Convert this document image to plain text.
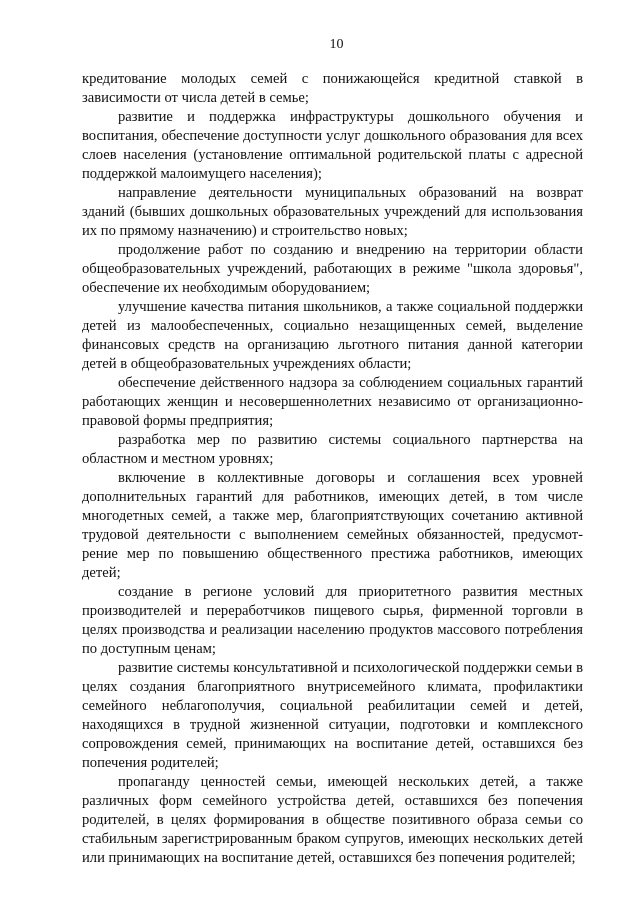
10

кредитование молодых семей с понижающейся кредитной ставкой в зависимости от числа детей в семье;

развитие и поддержка инфраструктуры дошкольного обучения и воспитания, обеспечение доступности услуг дошкольного образования для всех слоев населения (установление оптимальной родительской платы с адресной поддержкой малоимущего населения);

направление деятельности муниципальных образований на возврат зданий (бывших дошкольных образовательных учреждений для использования их по прямому назначению) и строительство новых;

продолжение работ по созданию и внедрению на территории области общеобразовательных учреждений, работающих в режиме "школа здоровья", обеспечение их необходимым оборудованием;

улучшение качества питания школьников, а также социальной поддержки детей из малообеспеченных, социально незащищенных семей, выделение финансовых средств на организацию льготного питания данной категории детей в общеобразовательных учреждениях области;

обеспечение действенного надзора за соблюдением социальных гарантий работающих женщин и несовершеннолетних независимо от организационно-правовой формы предприятия;

разработка мер по развитию системы социального партнерства на областном и местном уровнях;

включение в коллективные договоры и соглашения всех уровней дополнительных гарантий для работников, имеющих детей, в том числе многодетных семей, а также мер, благоприятствующих сочетанию активной трудовой деятельности с выполнением семейных обязанностей, предусмотрение мер по повышению общественного престижа работников, имеющих детей;

создание в регионе условий для приоритетного развития местных производителей и переработчиков пищевого сырья, фирменной торговли в целях производства и реализации населению продуктов массового потребления по доступным ценам;

развитие системы консультативной и психологической поддержки семьи в целях создания благоприятного внутрисемейного климата, профилактики семейного неблагополучия, социальной реабилитации семей и детей, находящихся в трудной жизненной ситуации, подготовки и комплексного сопровождения семей, принимающих на воспитание детей, оставшихся без попечения родителей;

пропаганду ценностей семьи, имеющей нескольких детей, а также различных форм семейного устройства детей, оставшихся без попечения родителей, в целях формирования в обществе позитивного образа семьи со стабильным зарегистрированным браком супругов, имеющих нескольких детей или принимающих на воспитание детей, оставшихся без попечения родителей;
